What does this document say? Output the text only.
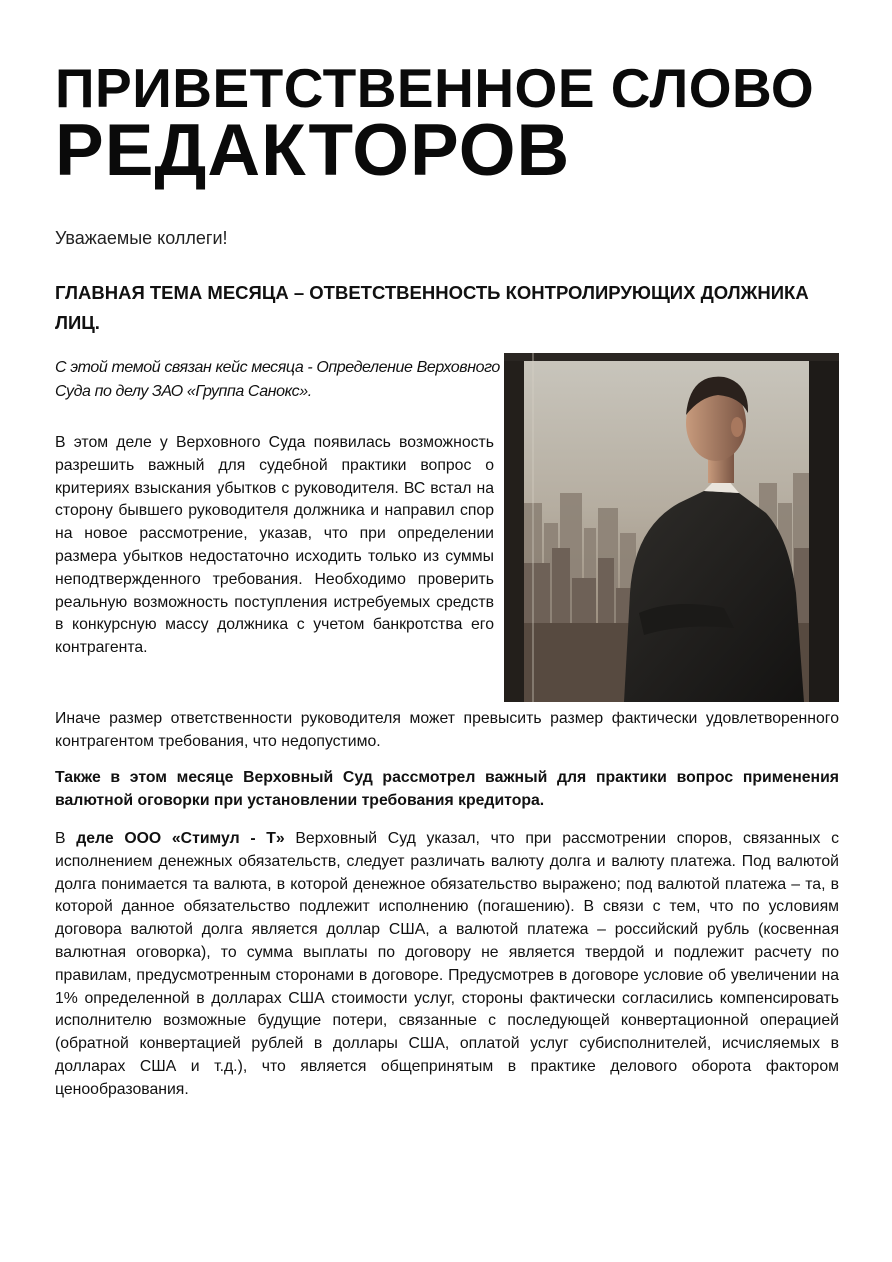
ПРИВЕТСТВЕННОЕ СЛОВО
РЕДАКТОРОВ
Уважаемые коллеги!
ГЛАВНАЯ ТЕМА МЕСЯЦА – ОТВЕТСТВЕННОСТЬ КОНТРОЛИРУЮЩИХ ДОЛЖНИКА ЛИЦ.
С этой темой связан кейс месяца - Определение Верховного Суда по делу ЗАО «Группа Санокс».

В этом деле у Верховного Суда появилась возможность разрешить важный для судебной практики вопрос о критериях взыскания убытков с руководителя. ВС встал на сторону бывшего руководителя должника и направил спор на новое рассмотрение, указав, что при определении размера убытков недостаточно исходить только из суммы неподтвержденного требования. Необходимо проверить реальную возможность поступления истребуемых средств в конкурсную массу должника с учетом банкротства его контрагента.

Иначе размер ответственности руководителя может превысить размер фактически удовлетворенного контрагентом требования, что недопустимо.

Также в этом месяце Верховный Суд рассмотрел важный для практики вопрос применения валютной оговорки при установлении требования кредитора.

В деле ООО «Стимул - Т» Верховный Суд указал, что при рассмотрении споров, связанных с исполнением денежных обязательств, следует различать валюту долга и валюту платежа. Под валютой долга понимается та валюта, в которой денежное обязательство выражено; под валютой платежа – та, в которой данное обязательство подлежит исполнению (погашению). В связи с тем, что по условиям договора валютой долга является доллар США, а валютой платежа – российский рубль (косвенная валютная оговорка), то сумма выплаты по договору не является твердой и подлежит расчету по правилам, предусмотренным сторонами в договоре. Предусмотрев в договоре условие об увеличении на 1% определенной в долларах США стоимости услуг, стороны фактически согласились компенсировать исполнителю возможные будущие потери, связанные с последующей конвертационной операцией (обратной конвертацией рублей в доллары США, оплатой услуг субисполнителей, исчисляемых в долларах США и т.д.), что является общепринятым в практике делового оборота фактором ценообразования.
